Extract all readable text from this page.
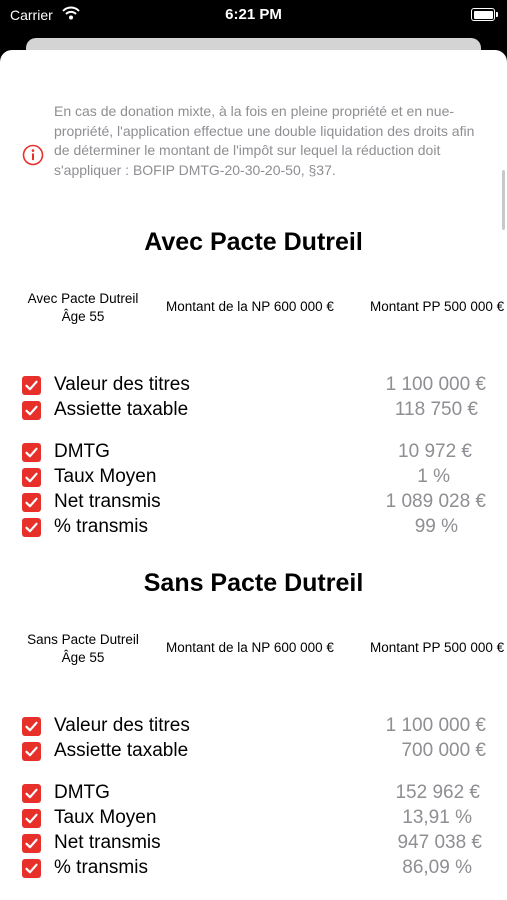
Carrier	6:21 PM
En cas de donation mixte, à la fois en pleine propriété et en nue-propriété, l'application effectue une double liquidation des droits afin de déterminer le montant de l'impôt sur lequel la réduction doit s'appliquer : BOFIP DMTG-20-30-20-50, §37.
Avec Pacte Dutreil
Avec Pacte Dutreil
Âge 55
Montant de la NP 600 000 €	Montant PP 500 000 €
Valeur des titres	1 100 000 €
Assiette taxable	118 750 €
DMTG	10 972 €
Taux Moyen	1 %
Net transmis	1 089 028 €
% transmis	99 %
Sans Pacte Dutreil
Sans Pacte Dutreil
Âge 55
Montant de la NP 600 000 €	Montant PP 500 000 €
Valeur des titres	1 100 000 €
Assiette taxable	700 000 €
DMTG	152 962 €
Taux Moyen	13,91 %
Net transmis	947 038 €
% transmis	86,09 %
